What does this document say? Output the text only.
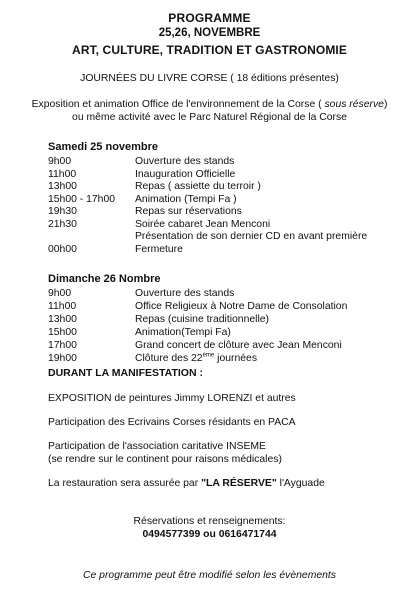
PROGRAMME
25,26, NOVEMBRE
ART, CULTURE, TRADITION ET GASTRONOMIE
JOURNÉES DU LIVRE CORSE ( 18 éditions présentes)
Exposition et animation Office de l'environnement de la Corse ( sous réserve)
ou même activité avec le Parc Naturel Régional de la Corse
Samedi 25 novembre
9h00	Ouverture des stands
11h00	Inauguration Officielle
13h00	Repas ( assiette du terroir )
15h00 - 17h00 Animation (Tempi Fa )
19h30	Repas sur réservations
21h30	Soirée cabaret Jean Menconi
Présentation de son dernier CD en avant première
00h00	Fermeture
Dimanche 26 Nombre
9h00	Ouverture des stands
11h00	Office Religieux à Notre Dame de Consolation
13h00	Repas (cuisine traditionnelle)
15h00	Animation(Tempi Fa)
17h00	Grand concert de clôture avec Jean Menconi
19h00	Clôture des 22ème journées
DURANT LA MANIFESTATION :
EXPOSITION de peintures Jimmy LORENZI et autres
Participation des Ecrivains Corses résidants en PACA
Participation de l'association caritative INSEME
(se rendre sur le continent pour raisons médicales)
La restauration sera assurée par "LA RÉSERVE" l'Ayguade
Réservations et renseignements:
0494577399 ou 0616471744
Ce programme peut être modifié selon les évènements
